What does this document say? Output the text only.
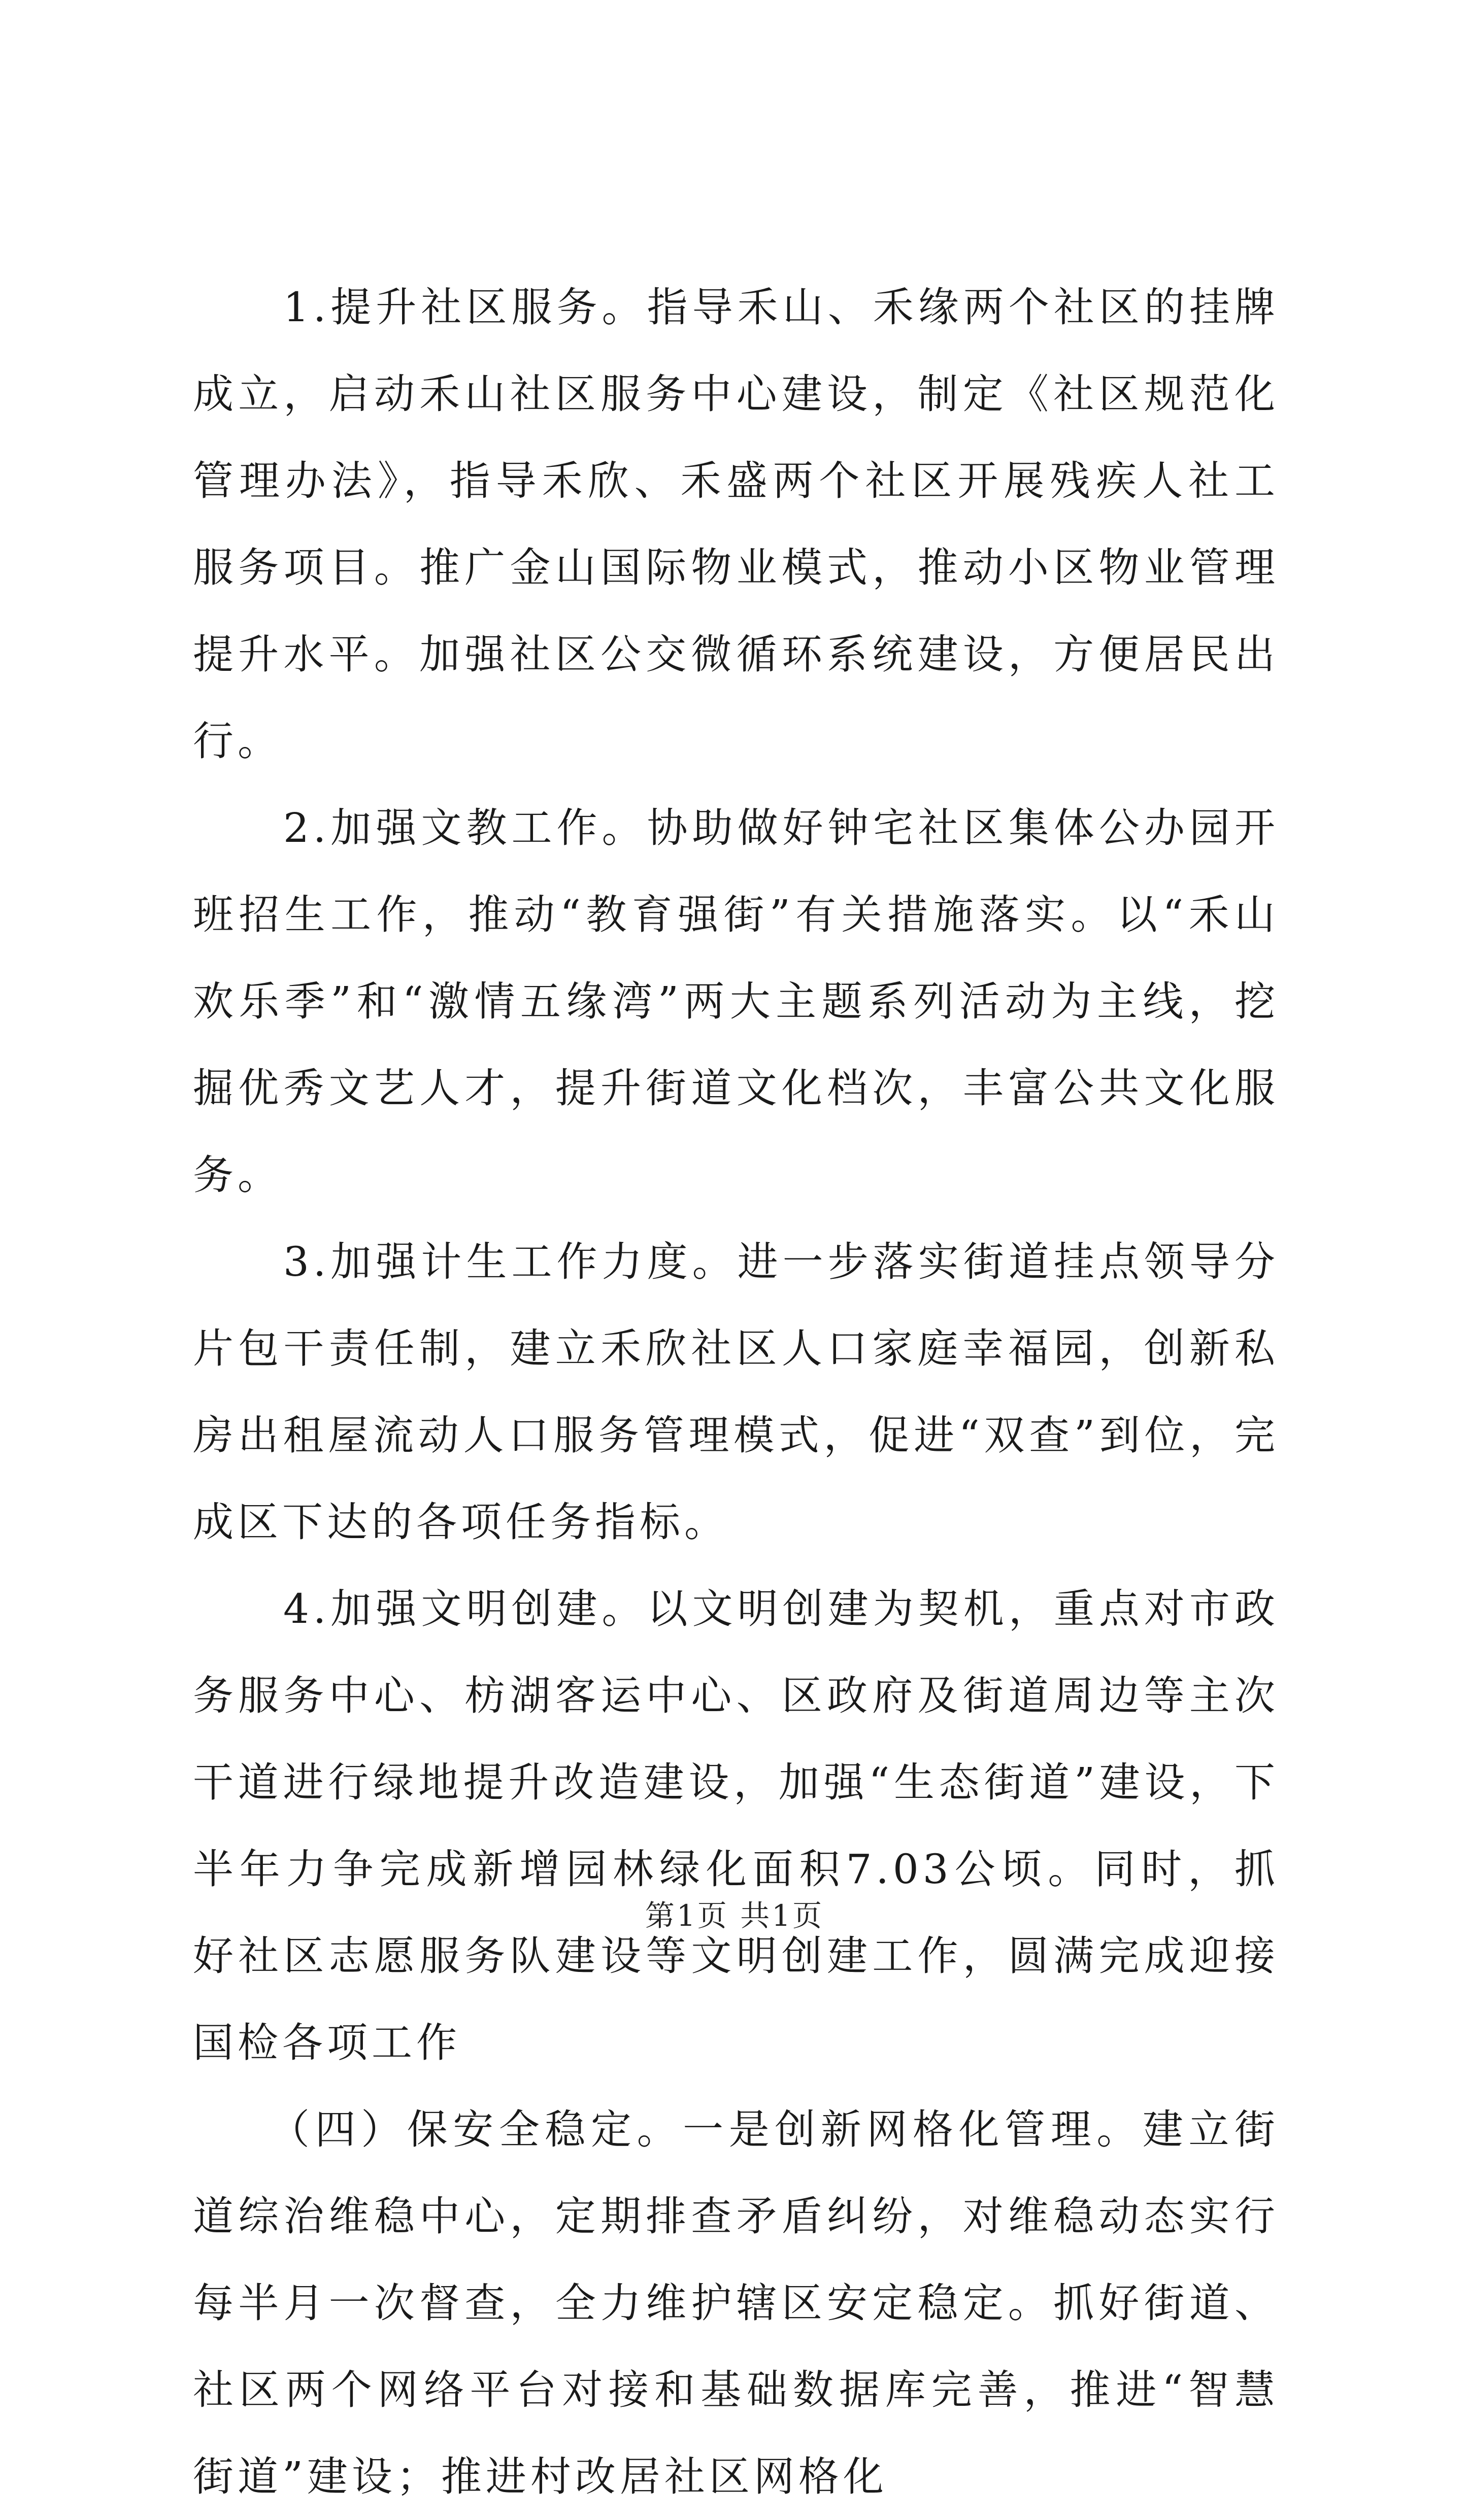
1.提升社区服务。指导禾山、禾缘两个社区的挂牌成立，启动禾山社区服务中心建设，制定《社区规范化管理办法》，指导禾欣、禾盛两个社区开展残疾人社工服务项目。推广金山国际物业模式，推动小区物业管理提升水平。加强社区公交微循环系统建设，方便居民出行。

2.加强文教工作。协助做好钟宅社区集体公办园开班招生工作，推动“教育强街”有关措施落实。以“禾山欢乐季”和“激情五缘湾”两大主题系列活动为主线，挖掘优秀文艺人才，提升街道文化档次，丰富公共文化服务。

3.加强计生工作力度。进一步落实街道挂点领导分片包干责任制，建立禾欣社区人口家庭幸福园，创新私房出租屋流动人口服务管理模式，促进“双查”到位，完成区下达的各项任务指标。

4.加强文明创建。以文明创建为契机，重点对市政务服务中心、枋湖客运中心、区政府及街道周边等主次干道进行绿地提升改造建设，加强“生态街道”建设，下半年力争完成新增园林绿化面积7.03公顷。同时，抓好社区志愿服务队建设等文明创建工作，圆满完成迎接国检各项工作

（四）保安全稳定。一是创新网格化管理。建立街道综治维稳中心，定期排查矛盾纠纷，对维稳动态实行每半月一次督查，全力维护辖区安定稳定。抓好街道、社区两个网络平台对接和基础数据库完善，推进“智慧街道”建设；推进村改居社区网格化

第1页 共1页
